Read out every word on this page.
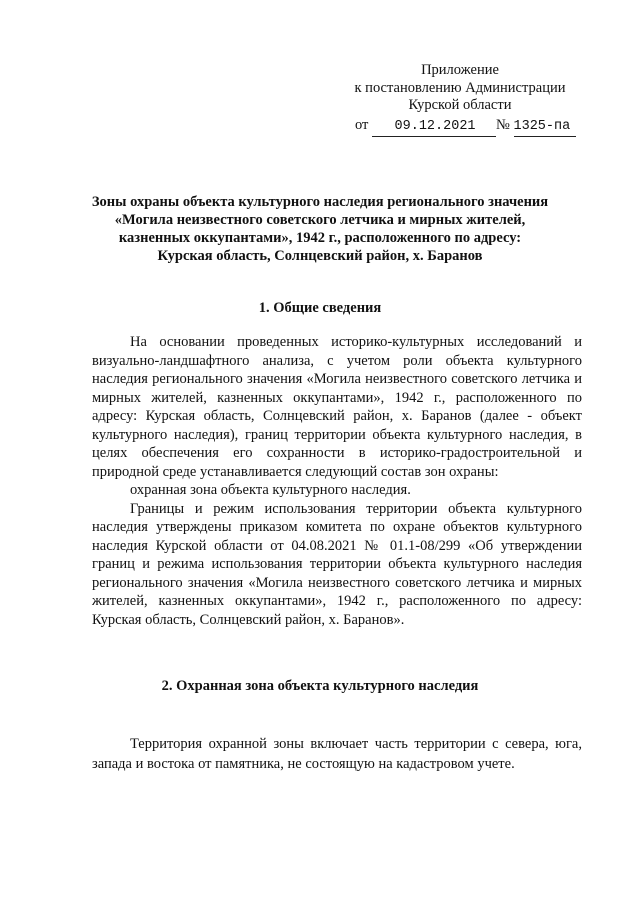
Приложение
к постановлению Администрации
Курской области
от 09.12.2021 № 1325-па
Зоны охраны объекта культурного наследия регионального значения
«Могила неизвестного советского летчика и мирных жителей,
казненных оккупантами», 1942 г., расположенного по адресу:
Курская область, Солнцевский район, х. Баранов
1. Общие сведения

На основании проведенных историко-культурных исследований и визуально-ландшафтного анализа, с учетом роли объекта культурного наследия регионального значения «Могила неизвестного советского летчика и мирных жителей, казненных оккупантами», 1942 г., расположенного по адресу: Курская область, Солнцевский район, х. Баранов (далее - объект культурного наследия), границ территории объекта культурного наследия, в целях обеспечения его сохранности в историко-градостроительной и природной среде устанавливается следующий состав зон охраны:

охранная зона объекта культурного наследия.

Границы и режим использования территории объекта культурного наследия утверждены приказом комитета по охране объектов культурного наследия Курской области от 04.08.2021 № 01.1-08/299 «Об утверждении границ и режима использования территории объекта культурного наследия регионального значения «Могила неизвестного советского летчика и мирных жителей, казненных оккупантами», 1942 г., расположенного по адресу: Курская область, Солнцевский район, х. Баранов».

2. Охранная зона объекта культурного наследия

Территория охранной зоны включает часть территории с севера, юга, запада и востока от памятника, не состоящую на кадастровом учете.
